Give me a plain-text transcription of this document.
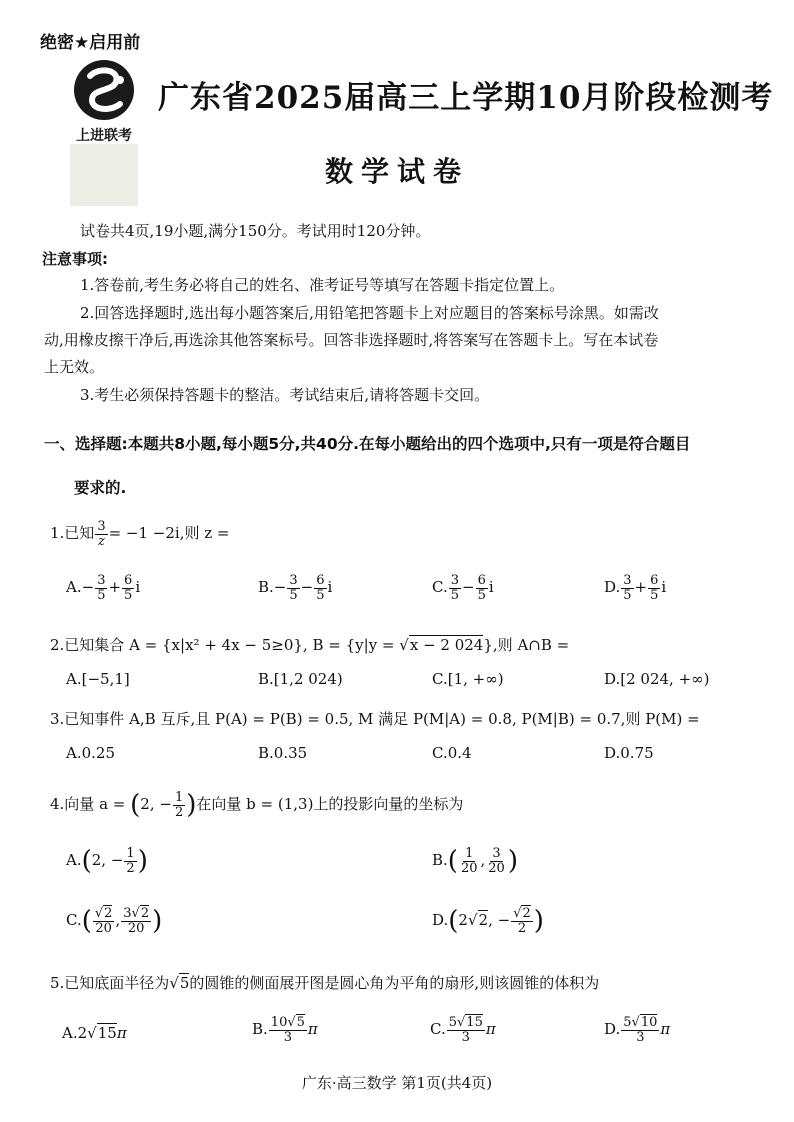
绝密★启用前
上进联考
广东省2025届高三上学期10月阶段检测考
数学试卷
试卷共4页,19小题,满分150分。考试用时120分钟。
注意事项:
1.答卷前,考生务必将自己的姓名、准考证号等填写在答题卡指定位置上。
2.回答选择题时,选出每小题答案后,用铅笔把答题卡上对应题目的答案标号涂黑。如需改
动,用橡皮擦干净后,再选涂其他答案标号。回答非选择题时,将答案写在答题卡上。写在本试卷
上无效。
3.考生必须保持答题卡的整洁。考试结束后,请将答题卡交回。
一、选择题:本题共8小题,每小题5分,共40分.在每小题给出的四个选项中,只有一项是符合题目
要求的.
1.已知 $\frac{3}{z} = -1 -2i$,则 z =
$A.- \frac{3}{5} + \frac{6}{5}$ i	$B.- \frac{3}{5} - \frac{6}{5}$ i	C. $\frac{3}{5} - \frac{6}{5}$ i	D. $\frac{3}{5} + \frac{6}{5}$ i
2.已知集合 A = {x|x² + 4x − 5≥0}, B = {y|y = √x − 2 024},则 A∩B =
A.[−5,1]	B.[1,2 024)	C.[1, +∞)	D.[2 024, +∞)
3.已知事件 A,B 互斥,且 P(A) = P(B) = 0.5, M 满足 P(M|A) = 0.8, P(M|B) = 0.7,则 P(M) =
A.0.25	B.0.35	C.0.4	D.0.75
4.向量 a = (2, − $\frac{1}{2}$ )在向量 b = (1,3)上的投影向量的坐标为
A.(2, − $\frac{1}{2}$ )	$B.( \frac{1}{20}$ , $\frac{3}{20}$ )
$C.( \frac{√2}{20}$ , $\frac{3√2}{20}$ )	D.(2√2, − $\frac{√2}{2}$ )
5.已知底面半径为√5的圆锥的侧面展开图是圆心角为平角的扇形,则该圆锥的体积为
A.2√15π	B. $\frac{10√5}{3}$ π	C. $\frac{5√15}{3}$ π	D. $\frac{5√10}{3}$ π
广东·高三数学 第1页(共4页)
